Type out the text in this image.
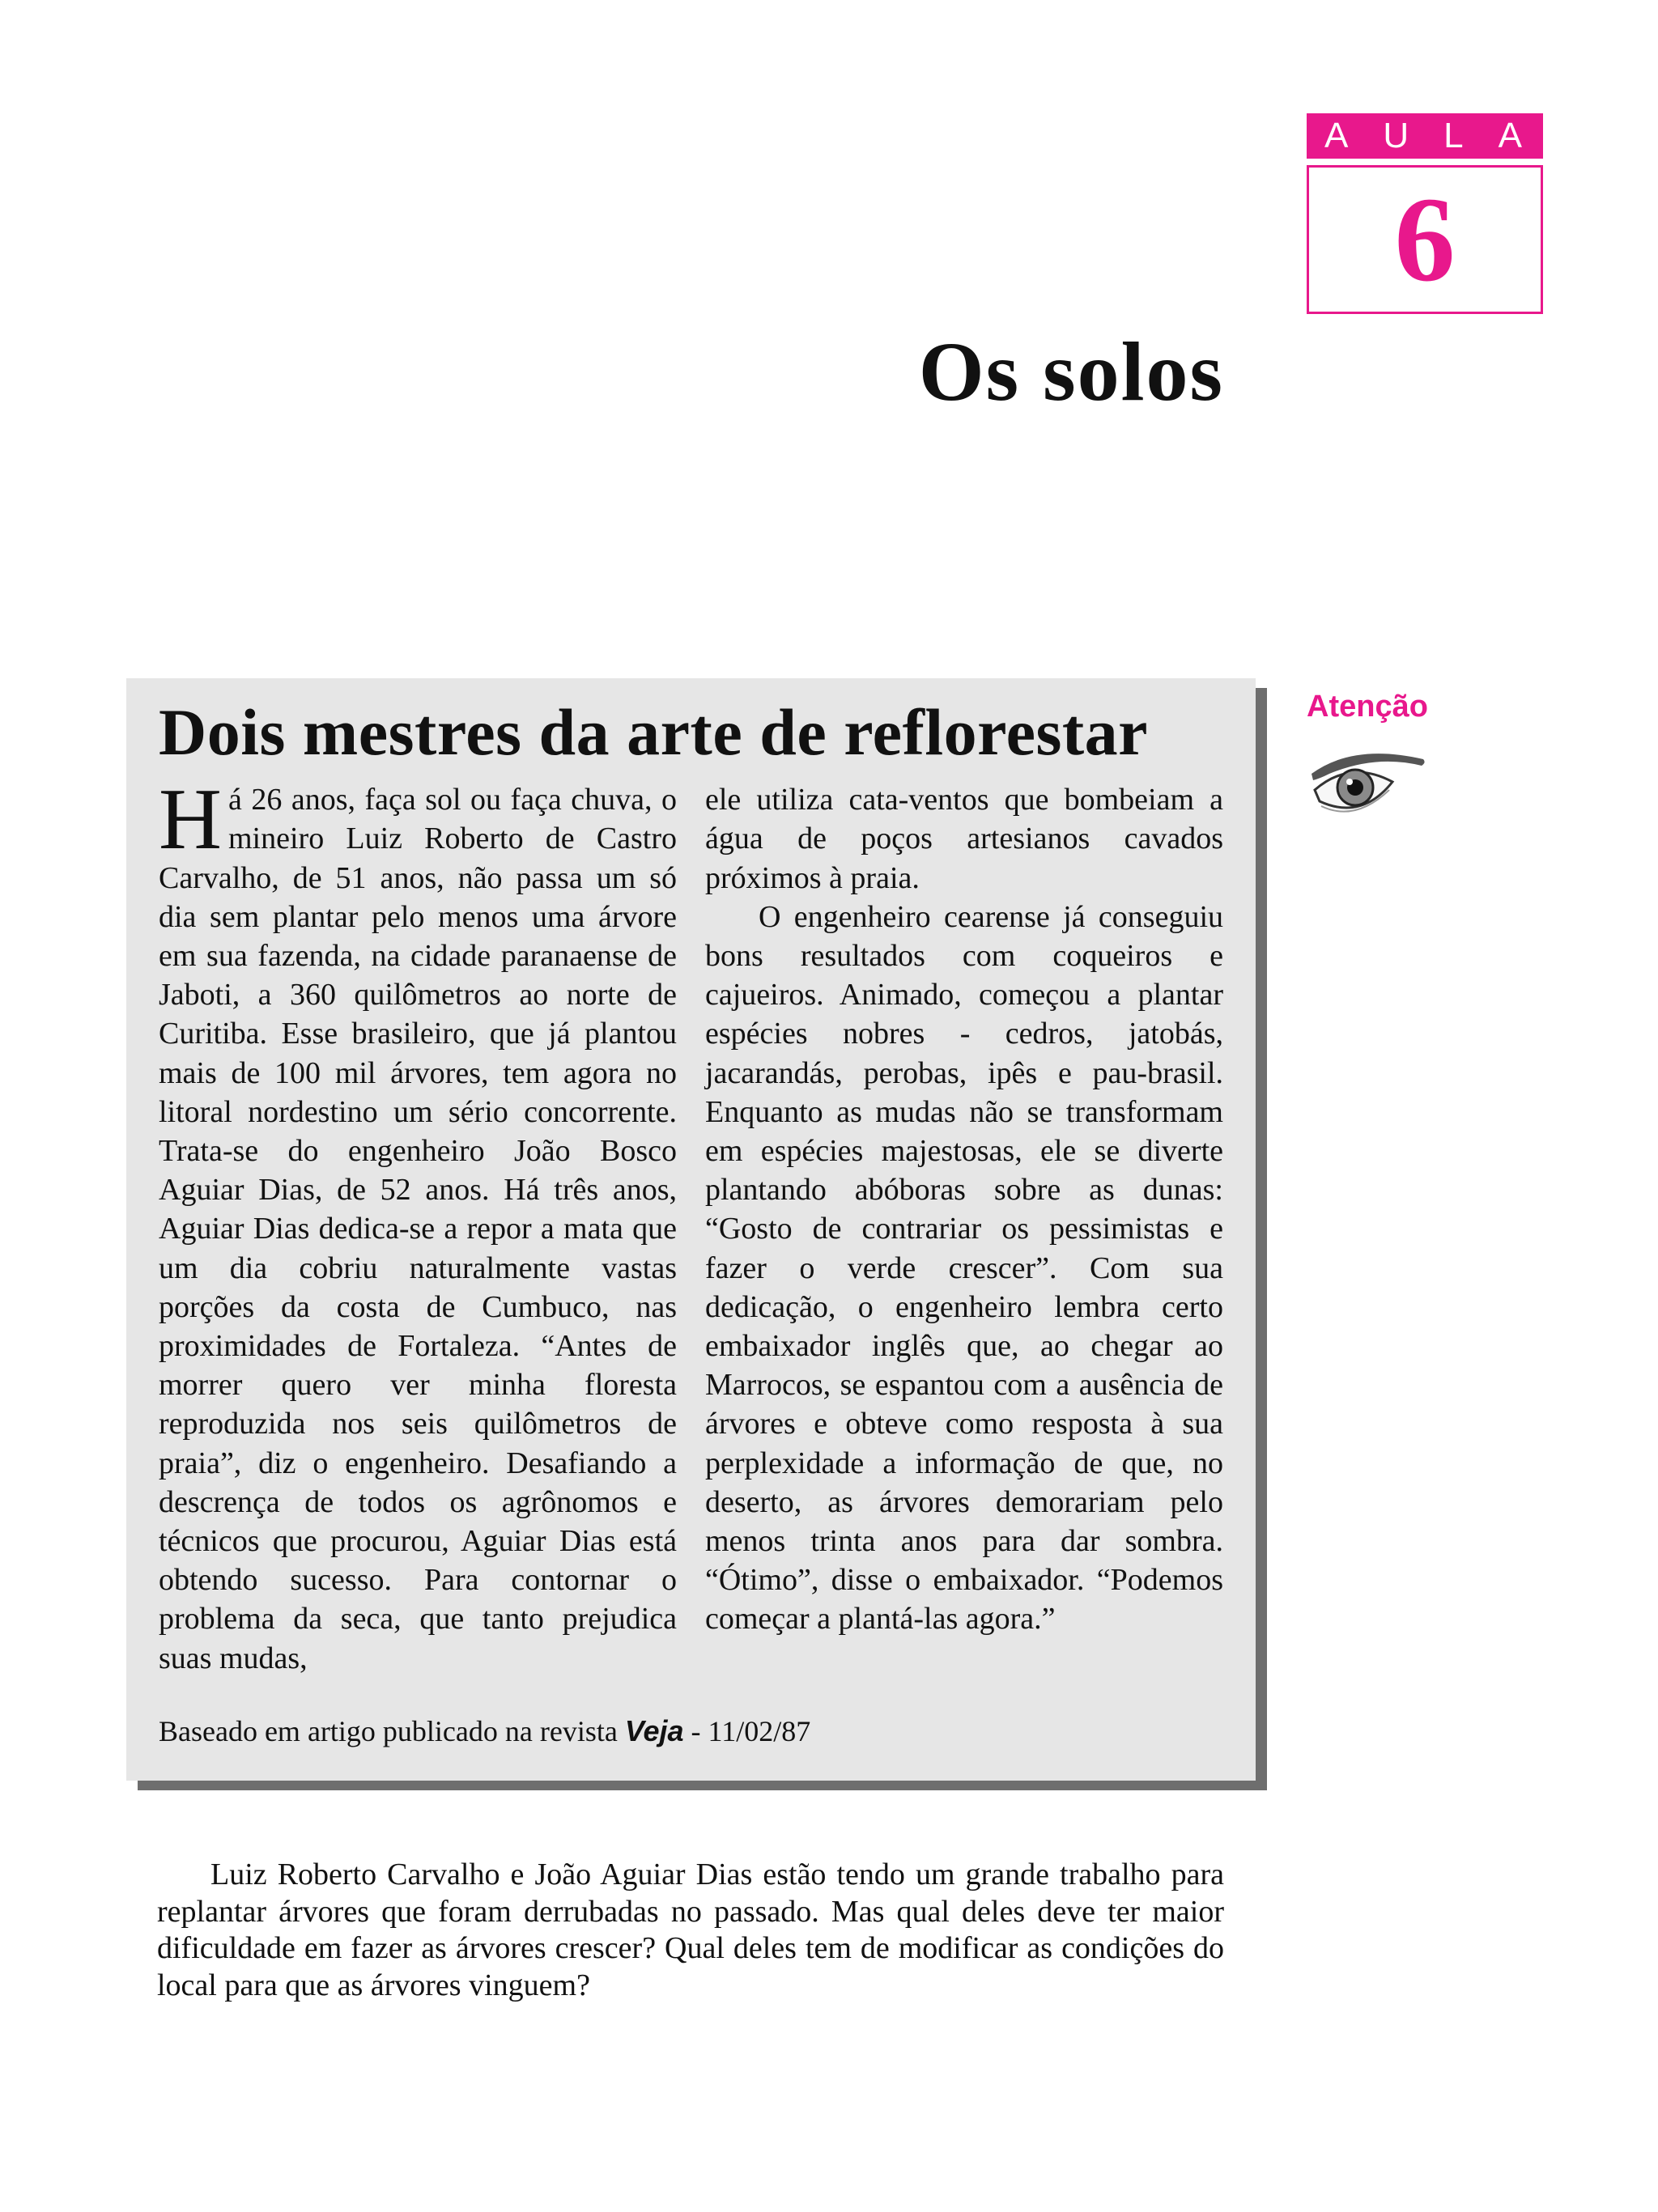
A U L A
6
Os solos
Dois mestres da arte de reflorestar

Há 26 anos, faça sol ou faça chuva, o mineiro Luiz Roberto de Castro Carvalho, de 51 anos, não passa um só dia sem plantar pelo menos uma árvore em sua fazenda, na cidade paranaense de Jaboti, a 360 quilômetros ao norte de Curitiba. Esse brasileiro, que já plantou mais de 100 mil árvores, tem agora no litoral nordestino um sério concorrente. Trata-se do engenheiro João Bosco Aguiar Dias, de 52 anos. Há três anos, Aguiar Dias dedica-se a repor a mata que um dia cobriu naturalmente vastas porções da costa de Cumbuco, nas proximidades de Fortaleza. “Antes de morrer quero ver minha floresta reproduzida nos seis quilômetros de praia”, diz o engenheiro. Desafiando a descrença de todos os agrônomos e técnicos que procurou, Aguiar Dias está obtendo sucesso. Para contornar o problema da seca, que tanto prejudica suas mudas,

ele utiliza cata-ventos que bombeiam a água de poços artesianos cavados próximos à praia.

O engenheiro cearense já conseguiu bons resultados com coqueiros e cajueiros. Animado, começou a plantar espécies nobres - cedros, jatobás, jacarandás, perobas, ipês e pau-brasil. Enquanto as mudas não se transformam em espécies majestosas, ele se diverte plantando abóboras sobre as dunas: “Gosto de contrariar os pessimistas e fazer o verde crescer”. Com sua dedicação, o engenheiro lembra certo embaixador inglês que, ao chegar ao Marrocos, se espantou com a ausência de árvores e obteve como resposta à sua perplexidade a informação de que, no deserto, as árvores demorariam pelo menos trinta anos para dar sombra. “Ótimo”, disse o embaixador. “Podemos começar a plantá-las agora.”

Baseado em artigo publicado na revista Veja - 11/02/87

Atenção

Luiz Roberto Carvalho e João Aguiar Dias estão tendo um grande trabalho para replantar árvores que foram derrubadas no passado. Mas qual deles deve ter maior dificuldade em fazer as árvores crescer? Qual deles tem de modificar as condições do local para que as árvores vinguem?
